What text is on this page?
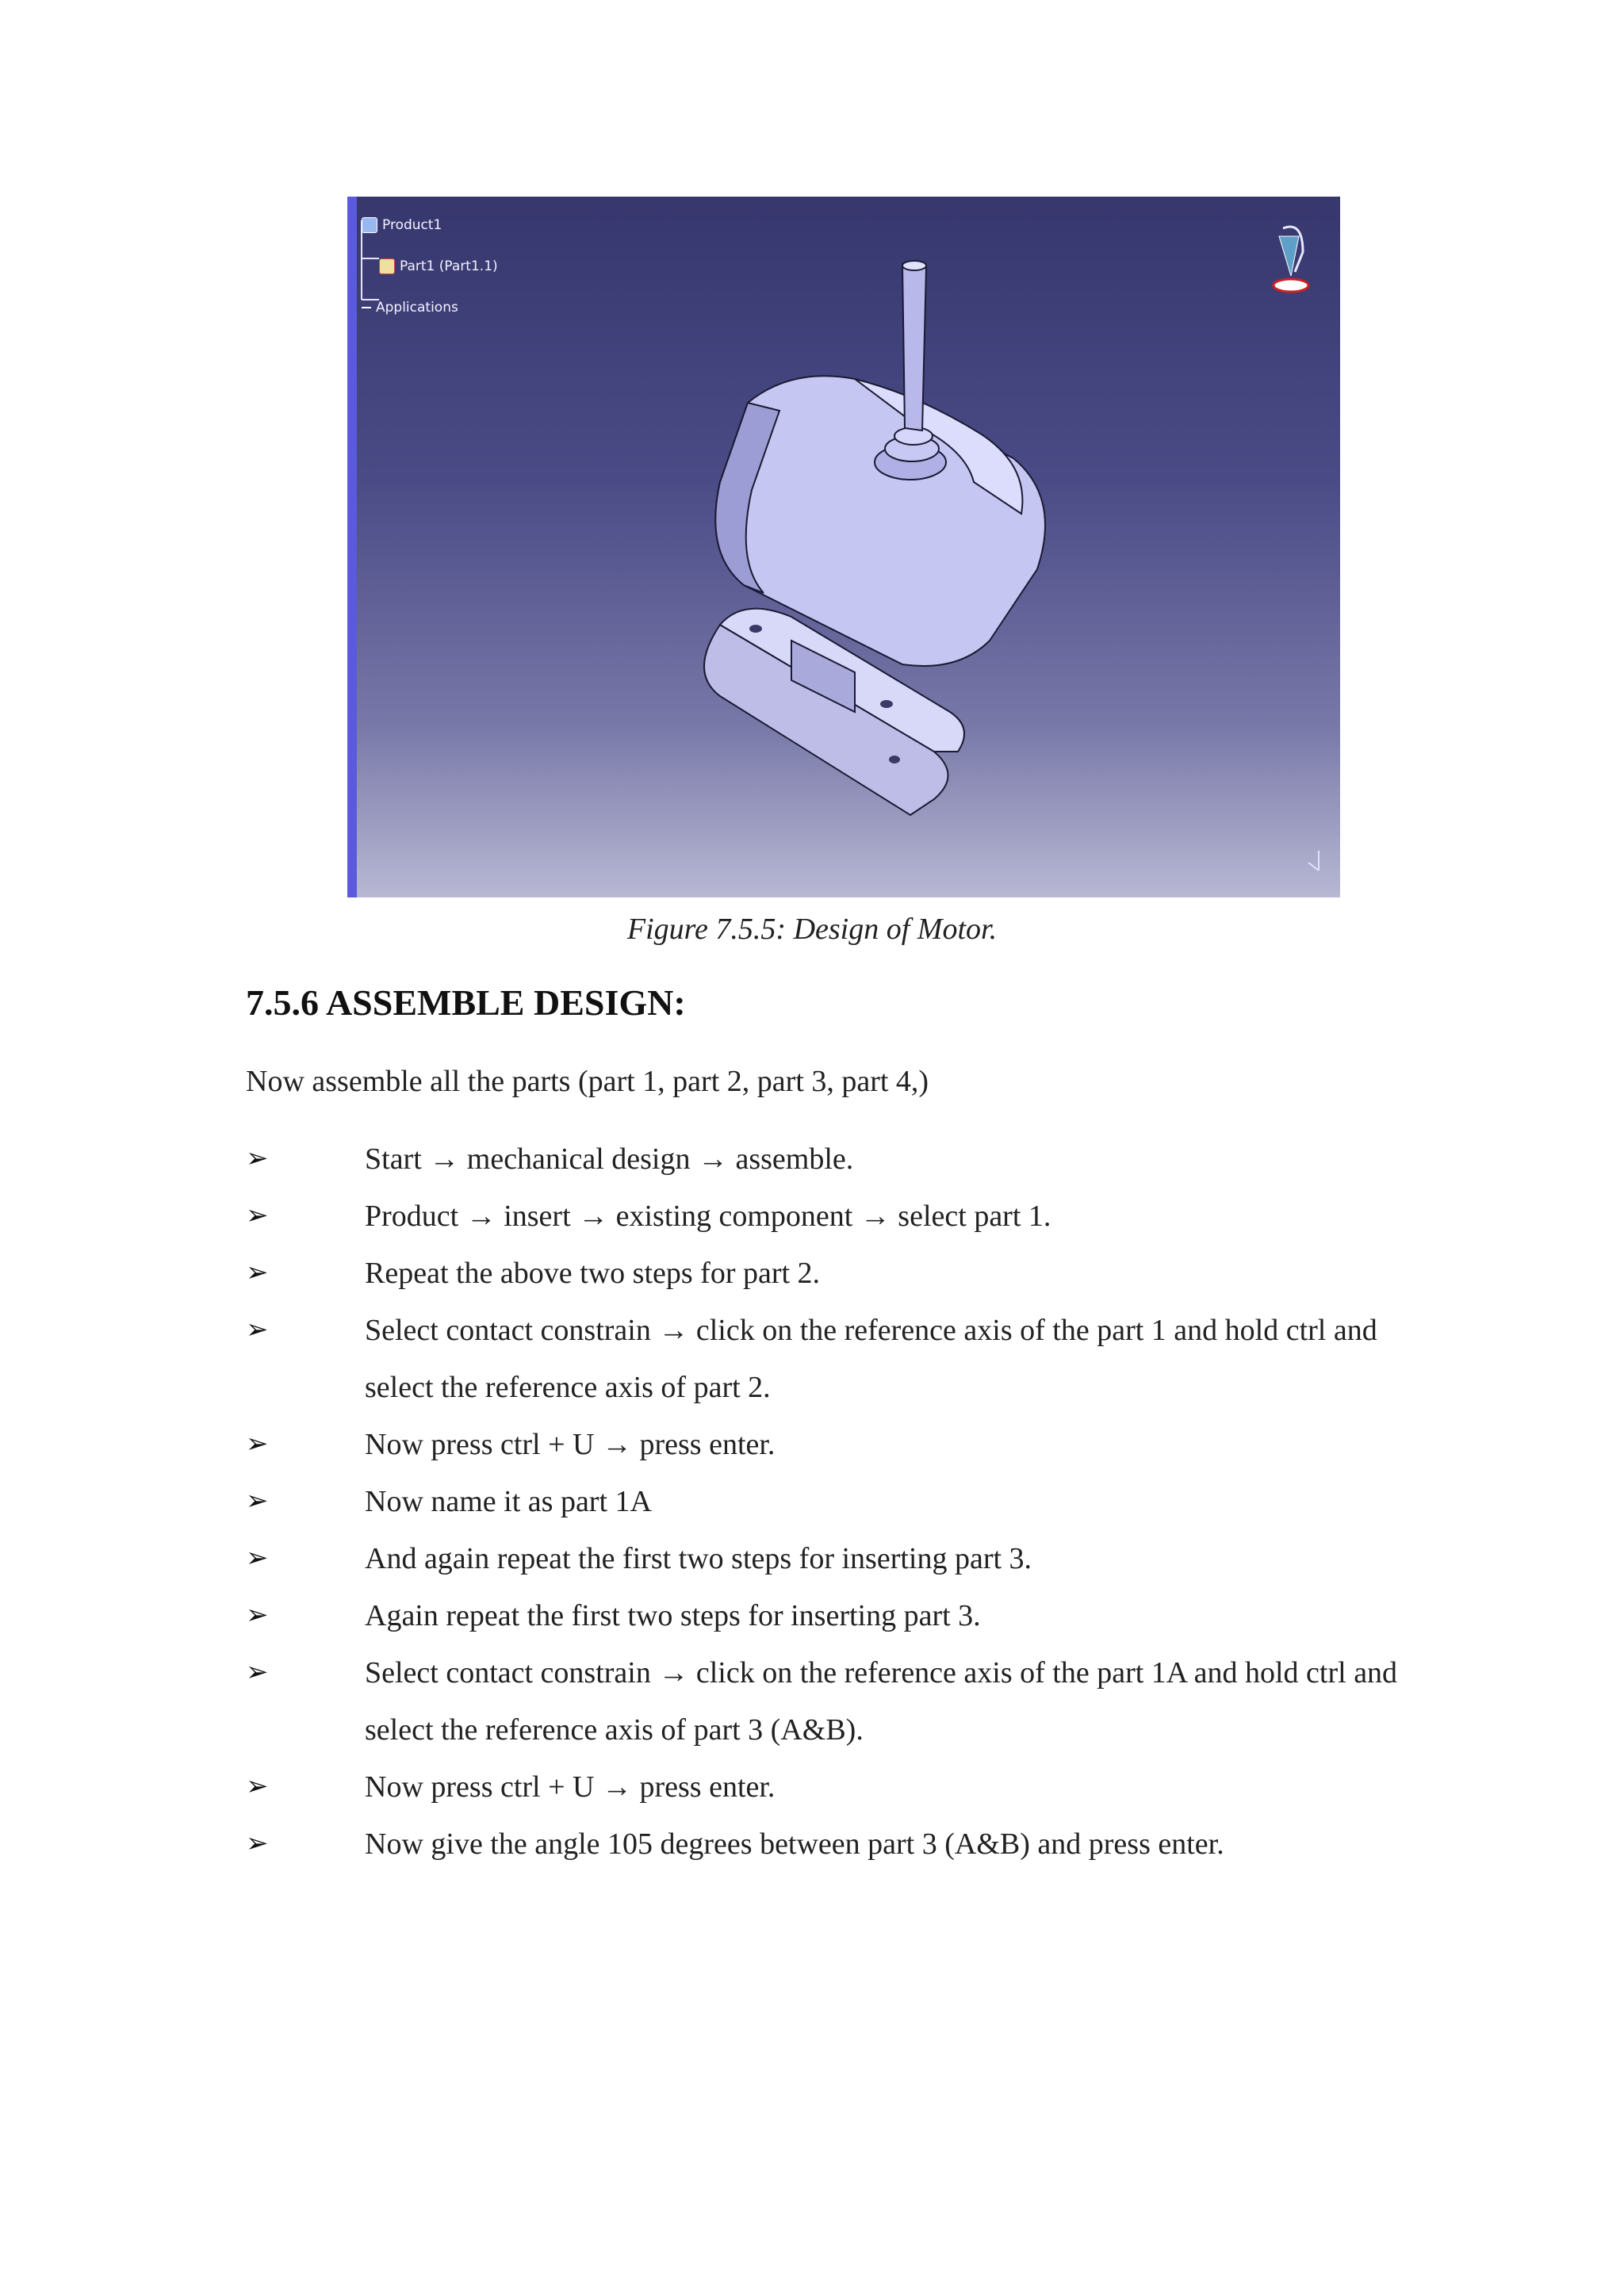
Product1
Part1 (Part1.1)
Applications
Figure 7.5.5: Design of Motor.
7.5.6 ASSEMBLE DESIGN:
Now assemble all the parts (part 1, part 2, part 3, part 4,)
➢	Start → mechanical design → assemble.
➢	Product → insert → existing component → select part 1.
➢	Repeat the above two steps for part 2.
➢	Select contact constrain → click on the reference axis of the part 1 and hold ctrl and select the reference axis of part 2.
➢	Now press ctrl + U → press enter.
➢	Now name it as part 1A
➢	And again repeat the first two steps for inserting part 3.
➢	Again repeat the first two steps for inserting part 3.
➢	Select contact constrain → click on the reference axis of the part 1A and hold ctrl and select the reference axis of part 3 (A&B).
➢	Now press ctrl + U → press enter.
➢	Now give the angle 105 degrees between part 3 (A&B) and press enter.
